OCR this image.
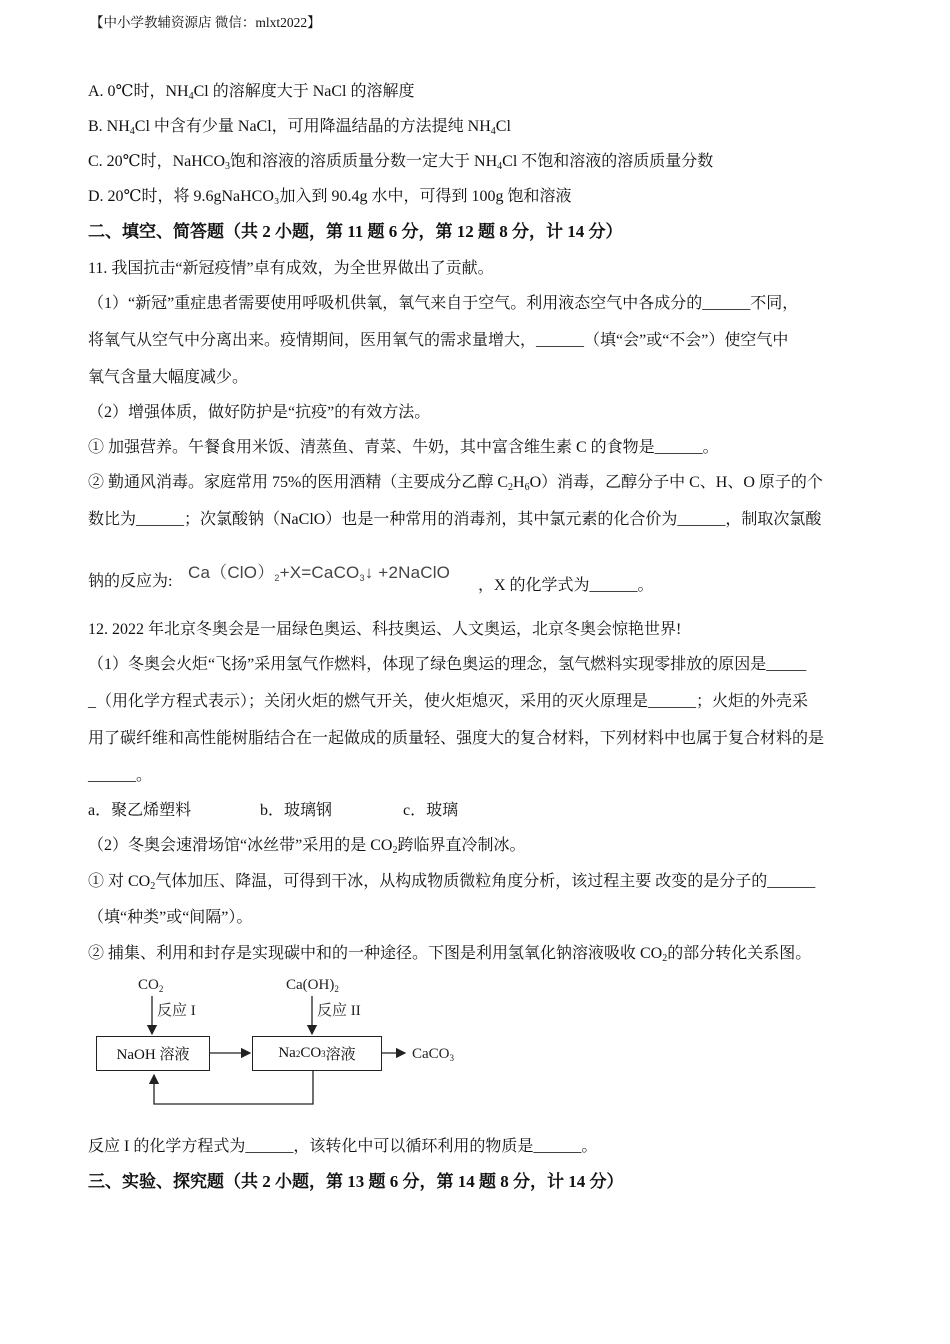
【中小学教辅资源店 微信：mlxt2022】
A. 0℃时，$NH_4Cl$ 的溶解度大于 NaCl 的溶解度
B. $NH_4Cl$ 中含有少量 NaCl，可用降温结晶的方法提纯 $NH_4Cl$
C. 20℃时，NaHCO$_3$饱和溶液的溶质质量分数一定大于 $NH_4Cl$ 不饱和溶液的溶质质量分数
D. 20℃时，将 9.6gNaHCO₃加入到 90.4g 水中，可得到 100g 饱和溶液
二、填空、简答题（共 2 小题，第 11 题 6 分，第 12 题 8 分，计 14 分）
11. 我国抗击“新冠疫情”卓有成效，为全世界做出了贡献。
（1）“新冠”重症患者需要使用呼吸机供氧，氧气来自于空气。利用液态空气中各成分的______不同，
将氧气从空气中分离出来。疫情期间，医用氧气的需求量增大，______（填“会”或“不会”）使空气中
氧气含量大幅度减少。
（2）增强体质，做好防护是“抗疫”的有效方法。
① 加强营养。午餐食用米饭、清蒸鱼、青菜、牛奶，其中富含维生素 C 的食物是______。
② 勤通风消毒。家庭常用 75%的医用酒精（主要成分乙醇 $C_2H_6O$）消毒，乙醇分子中 C、H、O 原子的个
数比为______；次氯酸钠（NaClO）也是一种常用的消毒剂，其中氯元素的化合价为______，制取次氯酸
钠的反应为: $Ca(ClO)_2+X=CaCO_3↓$ +2NaClO
，X 的化学式为______。
12. 2022 年北京冬奥会是一届绿色奥运、科技奥运、人文奥运，北京冬奥会惊艳世界!
（1）冬奥会火炬“飞扬”采用氢气作燃料，体现了绿色奥运的理念，氢气燃料实现零排放的原因是_____
_（用化学方程式表示）；关闭火炬的燃气开关，使火炬熄灭，采用的灭火原理是______；火炬的外壳采
用了碳纤维和高性能树脂结合在一起做成的质量轻、强度大的复合材料，下列材料中也属于复合材料的是
______。
a．聚乙烯塑料	b．玻璃钢	c．玻璃
（2）冬奥会速滑场馆“冰丝带”采用的是 $CO_2$跨临界直冷制冰。
① 对 $CO_2$气体加压、降温，可得到干冰，从构成物质微粒角度分析，该过程主要 改变的是分子的______
（填“种类”或“间隔”）。
② 捕集、利用和封存是实现碳中和的一种途径。下图是利用氢氧化钠溶液吸收 $CO_2$的部分转化关系图。
$CO_2$	$Ca(OH)_2$
反应 I	反应 II
NaOH 溶液	Na 2 CO 3 溶液	CaCO$_3$
反应 I 的化学方程式为______，该转化中可以循环利用的物质是______。
三、实验、探究题（共 2 小题，第 13 题 6 分，第 14 题 8 分，计 14 分）
